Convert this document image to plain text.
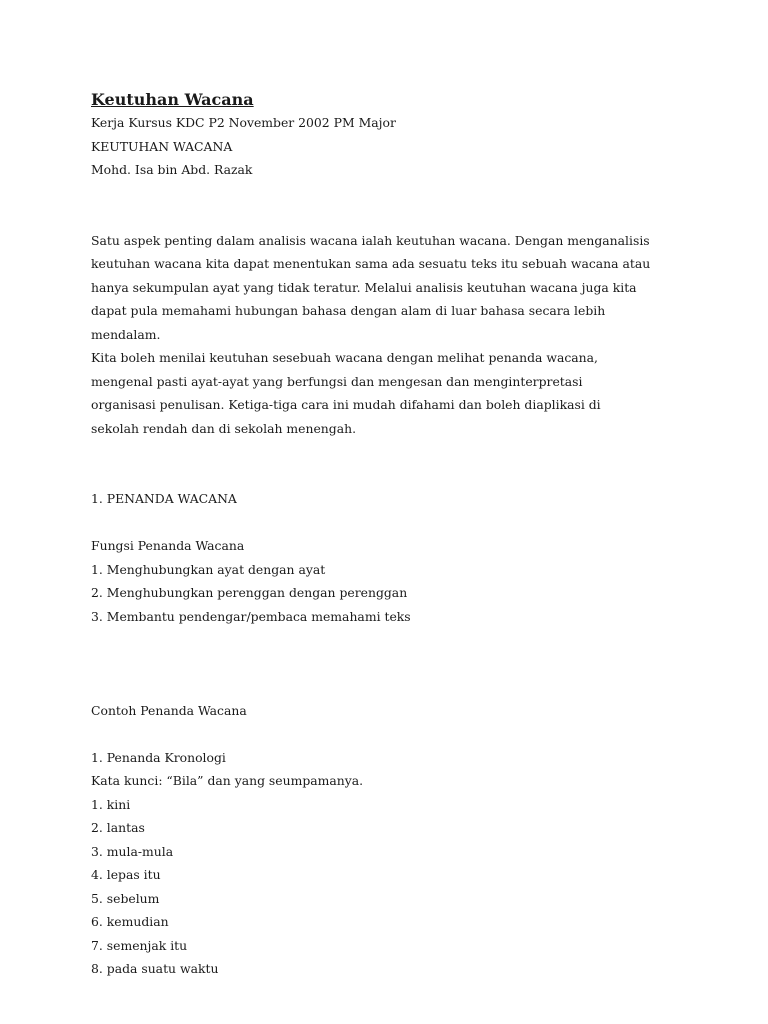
Keutuhan Wacana

Kerja Kursus KDC P2 November 2002 PM Major

KEUTUHAN WACANA

Mohd. Isa bin Abd. Razak

Satu aspek penting dalam analisis wacana ialah keutuhan wacana. Dengan menganalisis keutuhan wacana kita dapat menentukan sama ada sesuatu teks itu sebuah wacana atau hanya sekumpulan ayat yang tidak teratur. Melalui analisis keutuhan wacana juga kita dapat pula memahami hubungan bahasa dengan alam di luar bahasa secara lebih mendalam.

Kita boleh menilai keutuhan sesebuah wacana dengan melihat penanda wacana, mengenal pasti ayat-ayat yang berfungsi dan mengesan dan menginterpretasi organisasi penulisan. Ketiga-tiga cara ini mudah difahami dan boleh diaplikasi di sekolah rendah dan di sekolah menengah.

1. PENANDA WACANA

Fungsi Penanda Wacana

1. Menghubungkan ayat dengan ayat

2. Menghubungkan perenggan dengan perenggan

3. Membantu pendengar/pembaca memahami teks

Contoh Penanda Wacana

1. Penanda Kronologi

Kata kunci: “Bila” dan yang seumpamanya.

1. kini

2. lantas

3. mula-mula

4. lepas itu

5. sebelum

6. kemudian

7. semenjak itu

8. pada suatu waktu
